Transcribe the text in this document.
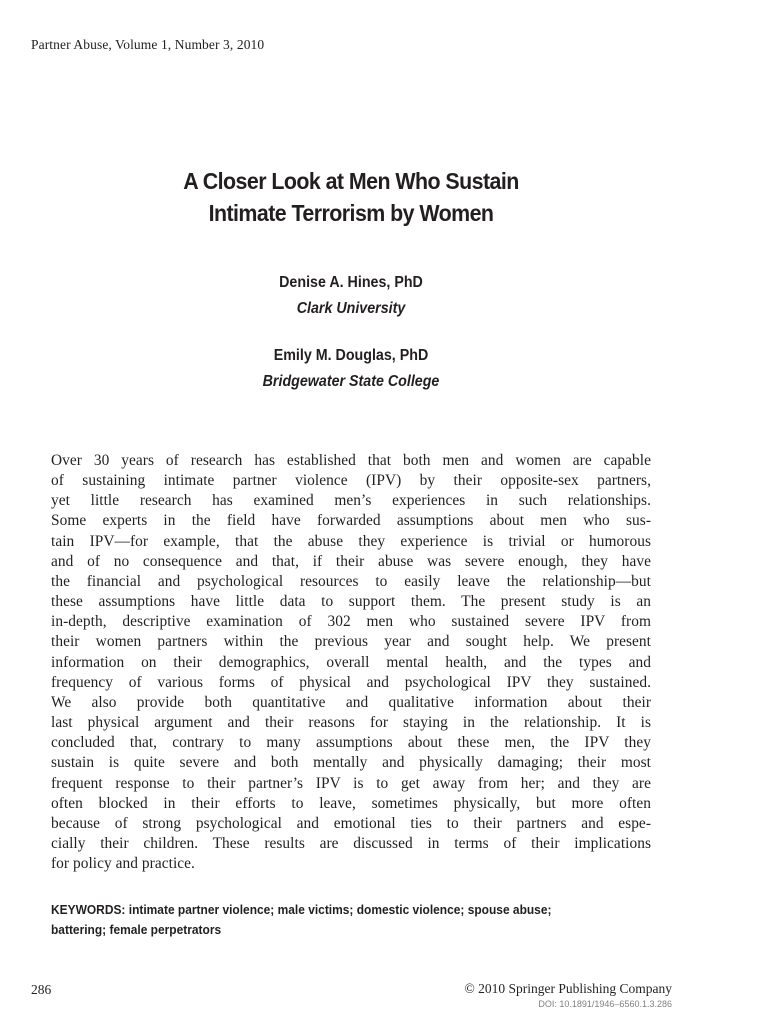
Partner Abuse, Volume 1, Number 3, 2010
A Closer Look at Men Who Sustain
Intimate Terrorism by Women
Denise A. Hines, PhD
Clark University
Emily M. Douglas, PhD
Bridgewater State College
Over 30 years of research has established that both men and women are capable
of sustaining intimate partner violence (IPV) by their opposite-sex partners,
yet little research has examined men’s experiences in such relationships.
Some experts in the field have forwarded assumptions about men who sus-
tain IPV—for example, that the abuse they experience is trivial or humorous
and of no consequence and that, if their abuse was severe enough, they have
the financial and psychological resources to easily leave the relationship—but
these assumptions have little data to support them. The present study is an
in-depth, descriptive examination of 302 men who sustained severe IPV from
their women partners within the previous year and sought help. We present
information on their demographics, overall mental health, and the types and
frequency of various forms of physical and psychological IPV they sustained.
We also provide both quantitative and qualitative information about their
last physical argument and their reasons for staying in the relationship. It is
concluded that, contrary to many assumptions about these men, the IPV they
sustain is quite severe and both mentally and physically damaging; their most
frequent response to their partner’s IPV is to get away from her; and they are
often blocked in their efforts to leave, sometimes physically, but more often
because of strong psychological and emotional ties to their partners and espe-
cially their children. These results are discussed in terms of their implications
for policy and practice.
KEYWORDS: intimate partner violence; male victims; domestic violence; spouse abuse; battering; female perpetrators
286	© 2010 Springer Publishing Company
DOI: 10.1891/1946–6560.1.3.286
